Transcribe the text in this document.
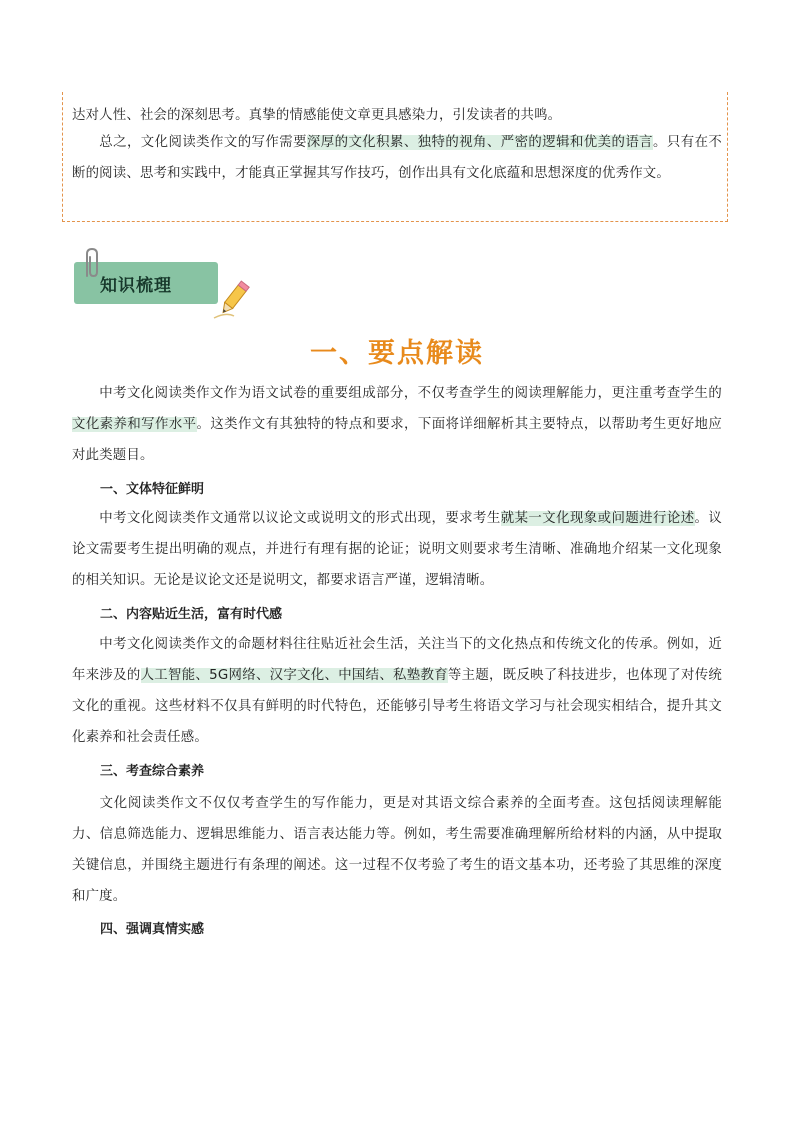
达对人性、社会的深刻思考。真挚的情感能使文章更具感染力，引发读者的共鸣。

总之，文化阅读类作文的写作需要深厚的文化积累、独特的视角、严密的逻辑和优美的语言。只有在不断的阅读、思考和实践中，才能真正掌握其写作技巧，创作出具有文化底蕴和思想深度的优秀作文。

知识梳理
一、要点解读

中考文化阅读类作文作为语文试卷的重要组成部分，不仅考查学生的阅读理解能力，更注重考查学生的文化素养和写作水平。这类作文有其独特的特点和要求，下面将详细解析其主要特点，以帮助考生更好地应对此类题目。

一、文体特征鲜明

中考文化阅读类作文通常以议论文或说明文的形式出现，要求考生就某一文化现象或问题进行论述。议论文需要考生提出明确的观点，并进行有理有据的论证；说明文则要求考生清晰、准确地介绍某一文化现象的相关知识。无论是议论文还是说明文，都要求语言严谨，逻辑清晰。

二、内容贴近生活，富有时代感

中考文化阅读类作文的命题材料往往贴近社会生活，关注当下的文化热点和传统文化的传承。例如，近年来涉及的人工智能、5G网络、汉字文化、中国结、私塾教育等主题，既反映了科技进步，也体现了对传统文化的重视。这些材料不仅具有鲜明的时代特色，还能够引导考生将语文学习与社会现实相结合，提升其文化素养和社会责任感。

三、考查综合素养

文化阅读类作文不仅仅考查学生的写作能力，更是对其语文综合素养的全面考查。这包括阅读理解能力、信息筛选能力、逻辑思维能力、语言表达能力等。例如，考生需要准确理解所给材料的内涵，从中提取关键信息，并围绕主题进行有条理的阐述。这一过程不仅考验了考生的语文基本功，还考验了其思维的深度和广度。

四、强调真情实感
